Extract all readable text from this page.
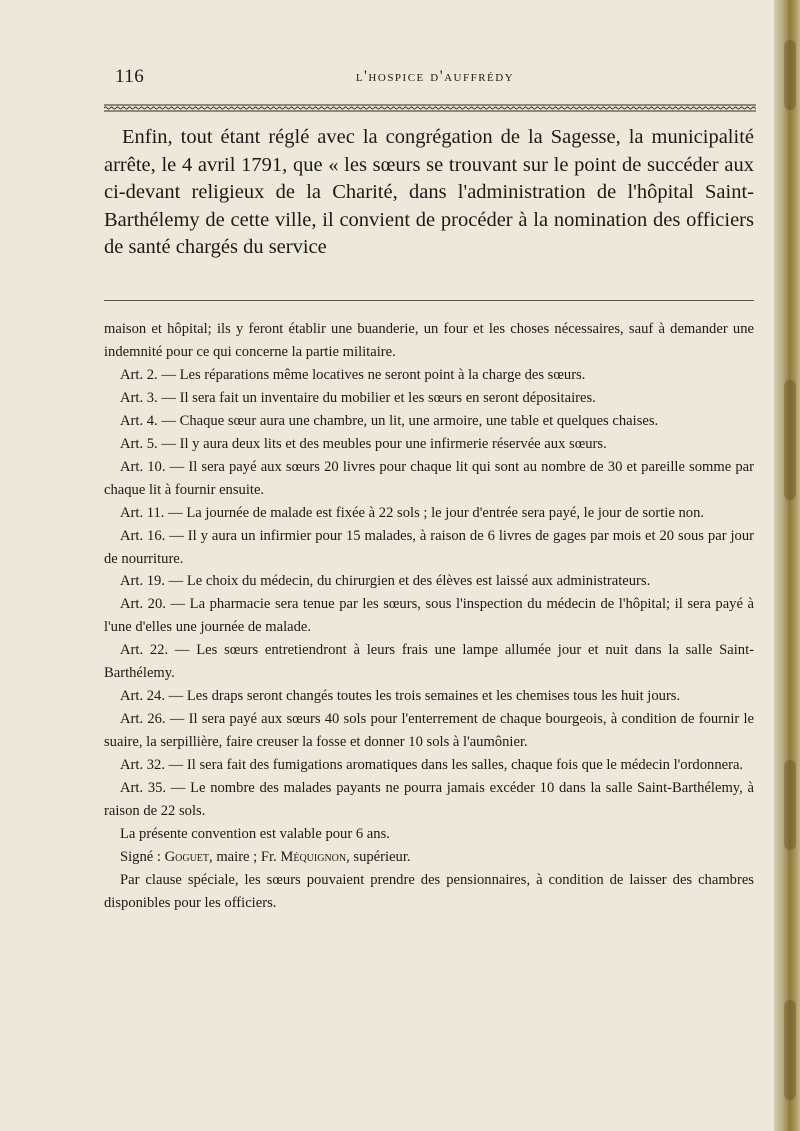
116	l'hospice d'auffrédy
Enfin, tout étant réglé avec la congrégation de la Sagesse, la municipalité arrête, le 4 avril 1791, que « les sœurs se trouvant sur le point de succéder aux ci-devant religieux de la Charité, dans l'administration de l'hôpital Saint-Barthélemy de cette ville, il convient de procéder à la nomination des officiers de santé chargés du service

maison et hôpital; ils y feront établir une buanderie, un four et les choses nécessaires, sauf à demander une indemnité pour ce qui concerne la partie militaire.

Art. 2. — Les réparations même locatives ne seront point à la charge des sœurs.

Art. 3. — Il sera fait un inventaire du mobilier et les sœurs en seront dépositaires.

Art. 4. — Chaque sœur aura une chambre, un lit, une armoire, une table et quelques chaises.

Art. 5. — Il y aura deux lits et des meubles pour une infirmerie réservée aux sœurs.

Art. 10. — Il sera payé aux sœurs 20 livres pour chaque lit qui sont au nombre de 30 et pareille somme par chaque lit à fournir ensuite.

Art. 11. — La journée de malade est fixée à 22 sols ; le jour d'entrée sera payé, le jour de sortie non.

Art. 16. — Il y aura un infirmier pour 15 malades, à raison de 6 livres de gages par mois et 20 sous par jour de nourriture.

Art. 19. — Le choix du médecin, du chirurgien et des élèves est laissé aux administrateurs.

Art. 20. — La pharmacie sera tenue par les sœurs, sous l'inspection du médecin de l'hôpital; il sera payé à l'une d'elles une journée de malade.

Art. 22. — Les sœurs entretiendront à leurs frais une lampe allumée jour et nuit dans la salle Saint-Barthélemy.

Art. 24. — Les draps seront changés toutes les trois semaines et les chemises tous les huit jours.

Art. 26. — Il sera payé aux sœurs 40 sols pour l'enterrement de chaque bourgeois, à condition de fournir le suaire, la serpillière, faire creuser la fosse et donner 10 sols à l'aumônier.

Art. 32. — Il sera fait des fumigations aromatiques dans les salles, chaque fois que le médecin l'ordonnera.

Art. 35. — Le nombre des malades payants ne pourra jamais excéder 10 dans la salle Saint-Barthélemy, à raison de 22 sols.

La présente convention est valable pour 6 ans.

Signé : Goguet, maire ; Fr. Méquignon, supérieur.

Par clause spéciale, les sœurs pouvaient prendre des pensionnaires, à condition de laisser des chambres disponibles pour les officiers.
